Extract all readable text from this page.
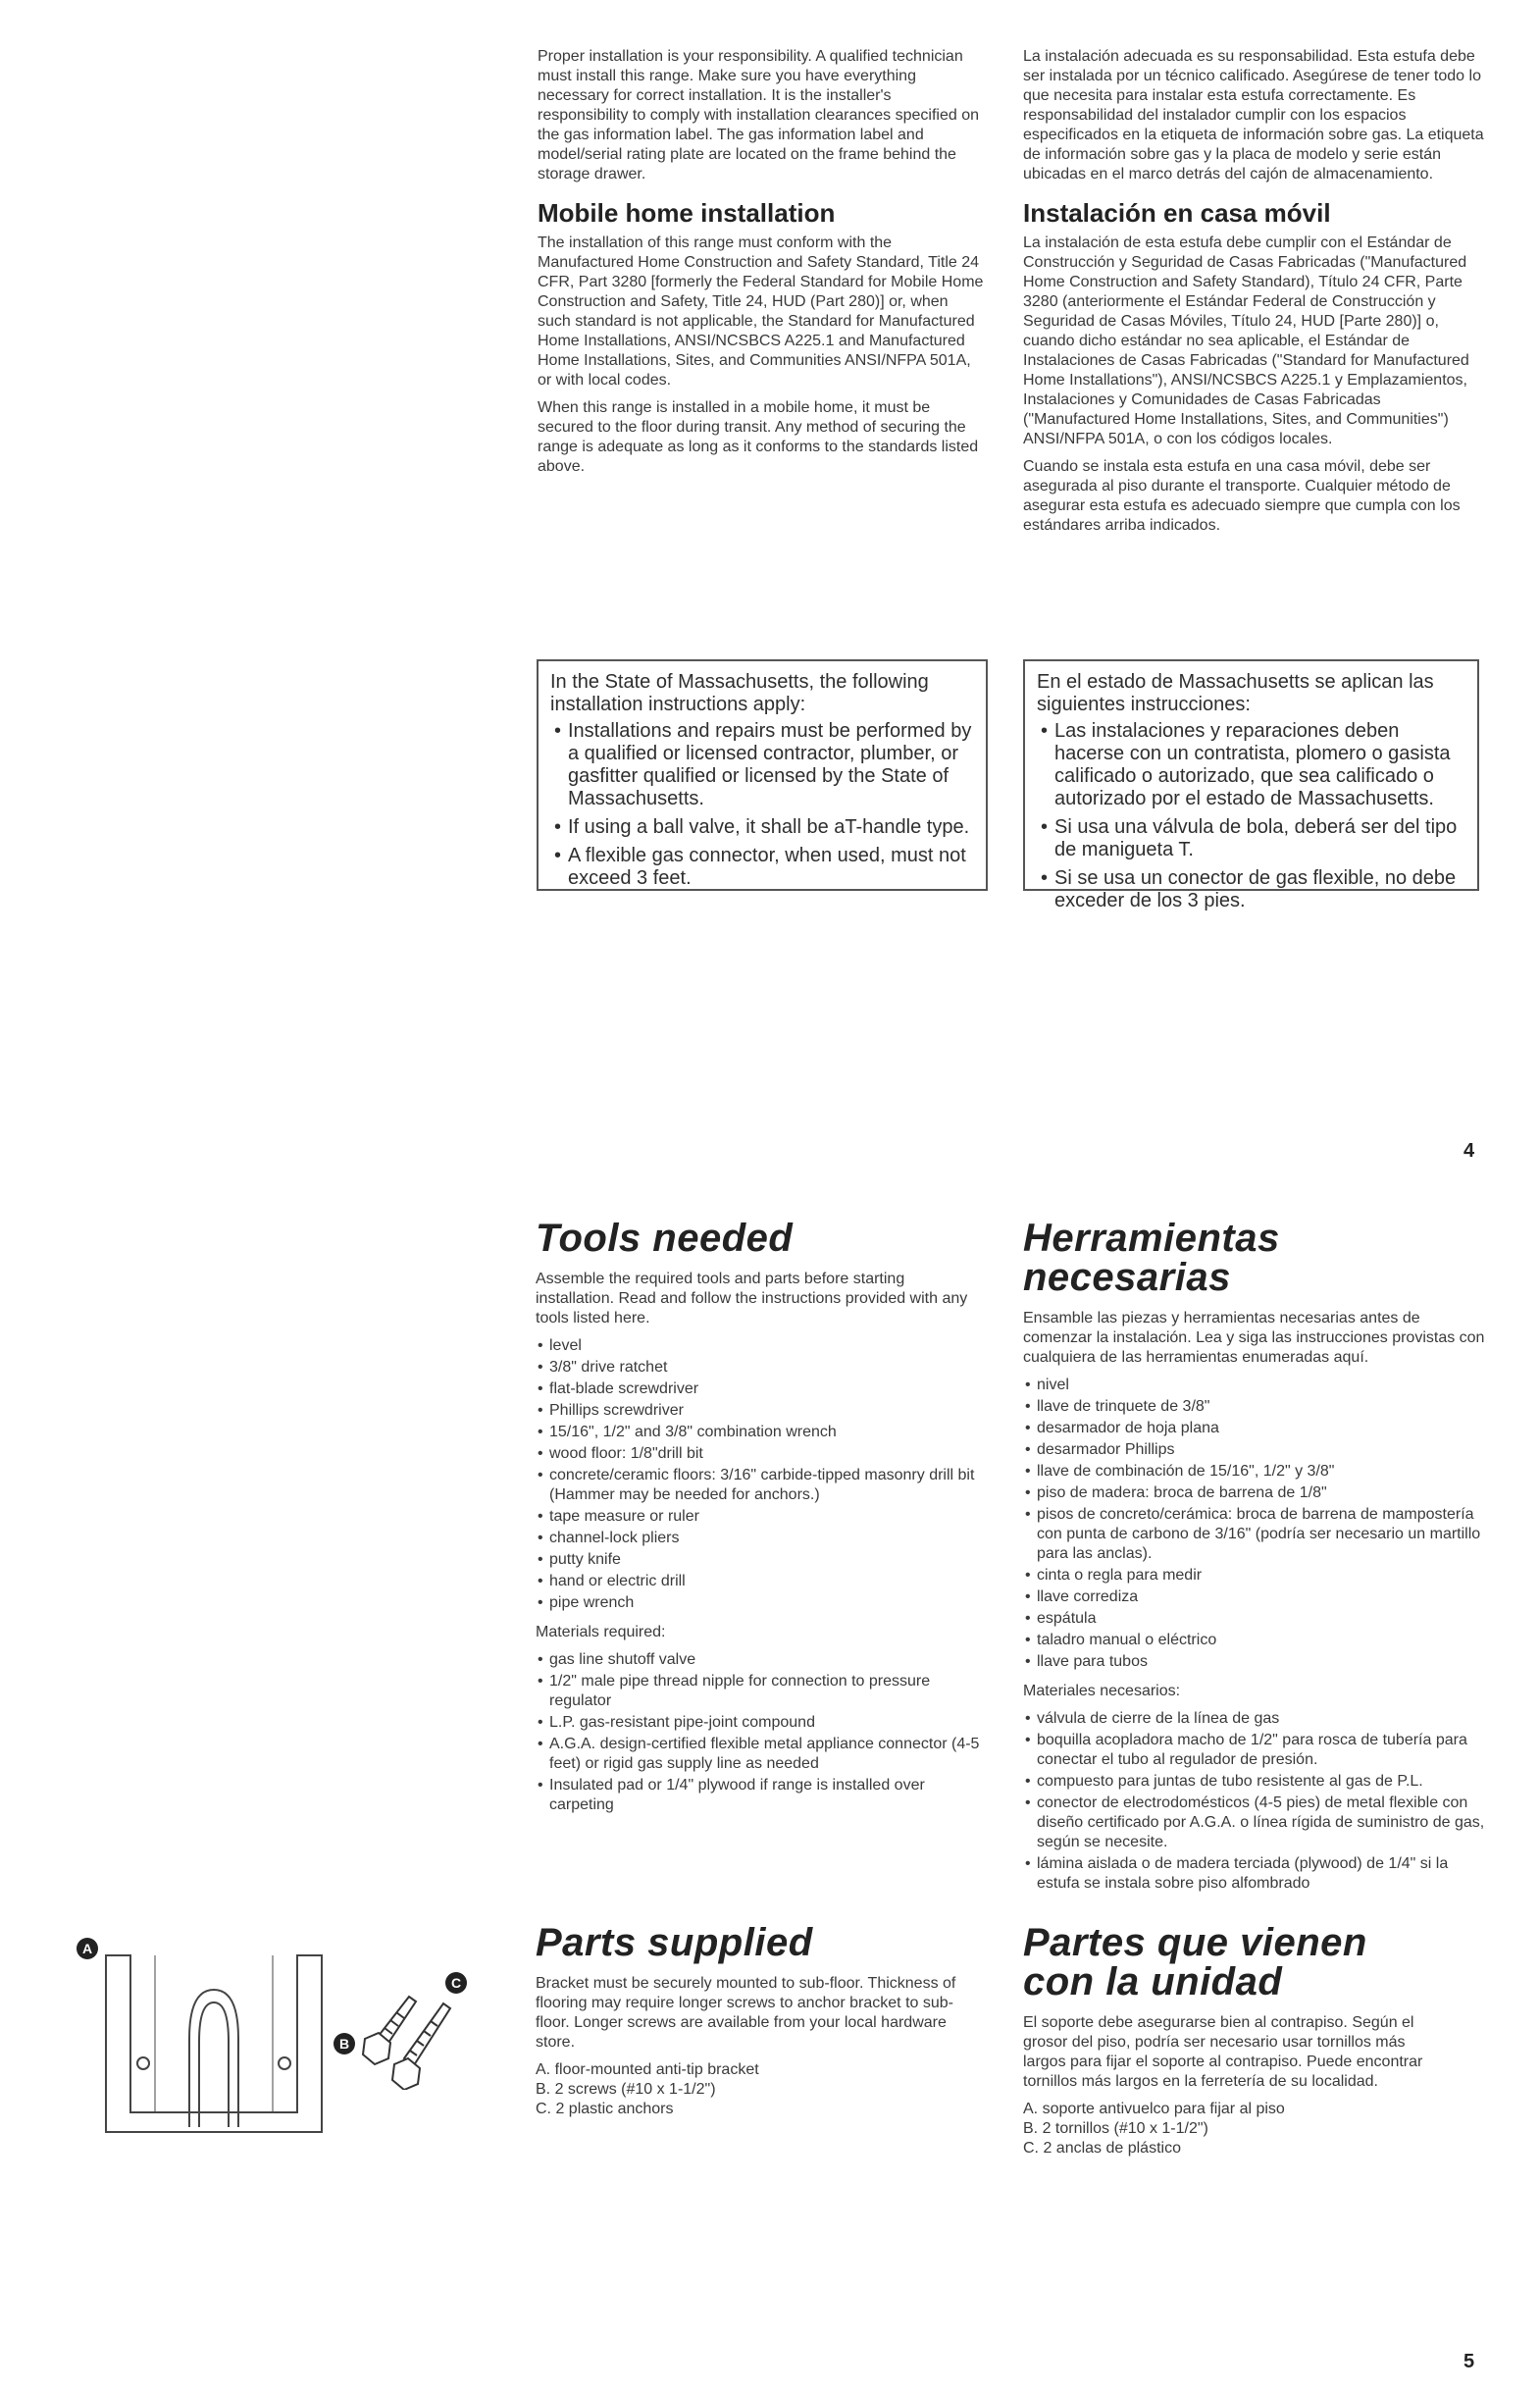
Proper installation is your responsibility. A qualified technician must install this range. Make sure you have everything necessary for correct installation. It is the installer's responsibility to comply with installation clearances specified on the gas information label. The gas information label and model/serial rating plate are located on the frame behind the storage drawer.

Mobile home installation

The installation of this range must conform with the Manufactured Home Construction and Safety Standard, Title 24 CFR, Part 3280 [formerly the Federal Standard for Mobile Home Construction and Safety, Title 24, HUD (Part 280)] or, when such standard is not applicable, the Standard for Manufactured Home Installations, ANSI/NCSBCS A225.1 and Manufactured Home Installations, Sites, and Communities ANSI/NFPA 501A, or with local codes.

When this range is installed in a mobile home, it must be secured to the floor during transit. Any method of securing the range is adequate as long as it conforms to the standards listed above.

La instalación adecuada es su responsabilidad. Esta estufa debe ser instalada por un técnico calificado. Asegúrese de tener todo lo que necesita para instalar esta estufa correctamente. Es responsabilidad del instalador cumplir con los espacios especificados en la etiqueta de información sobre gas. La etiqueta de información sobre gas y la placa de modelo y serie están ubicadas en el marco detrás del cajón de almacenamiento.

Instalación en casa móvil

La instalación de esta estufa debe cumplir con el Estándar de Construcción y Seguridad de Casas Fabricadas ("Manufactured Home Construction and Safety Standard), Título 24 CFR, Parte 3280 (anteriormente el Estándar Federal de Construcción y Seguridad de Casas Móviles, Título 24, HUD [Parte 280)] o, cuando dicho estándar no sea aplicable, el Estándar de Instalaciones de Casas Fabricadas ("Standard for Manufactured Home Installations"), ANSI/NCSBCS A225.1 y Emplazamientos, Instalaciones y Comunidades de Casas Fabricadas ("Manufactured Home Installations, Sites, and Communities") ANSI/NFPA 501A, o con los códigos locales.

Cuando se instala esta estufa en una casa móvil, debe ser asegurada al piso durante el transporte. Cualquier método de asegurar esta estufa es adecuado siempre que cumpla con los estándares arriba indicados.

In the State of Massachusetts, the following installation instructions apply:

• Installations and repairs must be performed by a qualified or licensed contractor, plumber, or gasfitter qualified or licensed by the State of Massachusetts.
• If using a ball valve, it shall be aT-handle type.
• A flexible gas connector, when used, must not exceed 3 feet.

En el estado de Massachusetts se aplican las siguientes instrucciones:

• Las instalaciones y reparaciones deben hacerse con un contratista, plomero o gasista calificado o autorizado, que sea calificado o autorizado por el estado de Massachusetts.
• Si usa una válvula de bola, deberá ser del tipo de manigueta T.
• Si se usa un conector de gas flexible, no debe exceder de los 3 pies.
4
Tools needed

Assemble the required tools and parts before starting installation. Read and follow the instructions provided with any tools listed here.

• level
• 3/8" drive ratchet
• flat-blade screwdriver
• Phillips screwdriver
• 15/16", 1/2" and 3/8" combination wrench
• wood floor: 1/8"drill bit
• concrete/ceramic floors: 3/16" carbide-tipped masonry drill bit (Hammer may be needed for anchors.)
• tape measure or ruler
• channel-lock pliers
• putty knife
• hand or electric drill
• pipe wrench

Materials required:

• gas line shutoff valve
• 1/2" male pipe thread nipple for connection to pressure regulator
• L.P. gas-resistant pipe-joint compound
• A.G.A. design-certified flexible metal appliance connector (4-5 feet) or rigid gas supply line as needed
• Insulated pad or 1/4" plywood if range is installed over carpeting
Herramientas necesarias

Ensamble las piezas y herramientas necesarias antes de comenzar la instalación. Lea y siga las instrucciones provistas con cualquiera de las herramientas enumeradas aquí.

• nivel
• llave de trinquete de 3/8"
• desarmador de hoja plana
• desarmador Phillips
• llave de combinación de 15/16", 1/2" y 3/8"
• piso de madera: broca de barrena de 1/8"
• pisos de concreto/cerámica: broca de barrena de mampostería con punta de carbono de 3/16" (podría ser necesario un martillo para las anclas).
• cinta o regla para medir
• llave corrediza
• espátula
• taladro manual o eléctrico
• llave para tubos

Materiales necesarios:

• válvula de cierre de la línea de gas
• boquilla acopladora macho de 1/2" para rosca de tubería para conectar el tubo al regulador de presión.
• compuesto para juntas de tubo resistente al gas de P.L.
• conector de electrodomésticos (4-5 pies) de metal flexible con diseño certificado por A.G.A. o línea rígida de suministro de gas, según se necesite.
• lámina aislada o de madera terciada (plywood) de 1/4" si la estufa se instala sobre piso alfombrado
A
B
C
Parts supplied

Bracket must be securely mounted to sub-floor. Thickness of flooring may require longer screws to anchor bracket to sub-floor. Longer screws are available from your local hardware store.

A. floor-mounted anti-tip bracket

B. 2 screws (#10 x 1-1/2")

C. 2 plastic anchors

Partes que vienen con la unidad

El soporte debe asegurarse bien al contrapiso. Según el grosor del piso, podría ser necesario usar tornillos más largos para fijar el soporte al contrapiso. Puede encontrar tornillos más largos en la ferretería de su localidad.

A. soporte antivuelco para fijar al piso

B. 2 tornillos (#10 x 1-1/2")

C. 2 anclas de plástico

5
